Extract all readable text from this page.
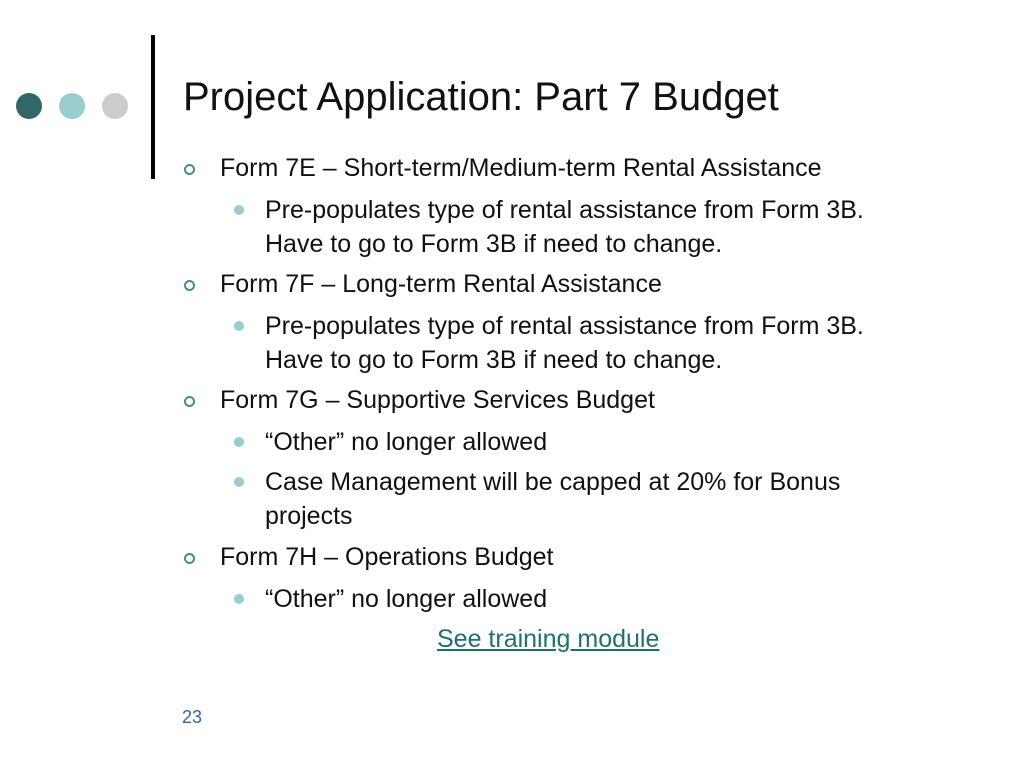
Project Application: Part 7 Budget
Form 7E – Short-term/Medium-term Rental Assistance
Pre-populates type of rental assistance from Form 3B.
Have to go to Form 3B if need to change.
Form 7F – Long-term Rental Assistance
Pre-populates type of rental assistance from Form 3B.
Have to go to Form 3B if need to change.
Form 7G – Supportive Services Budget
“Other” no longer allowed
Case Management will be capped at 20% for Bonus
projects
Form 7H – Operations Budget
“Other” no longer allowed
See training module
23
